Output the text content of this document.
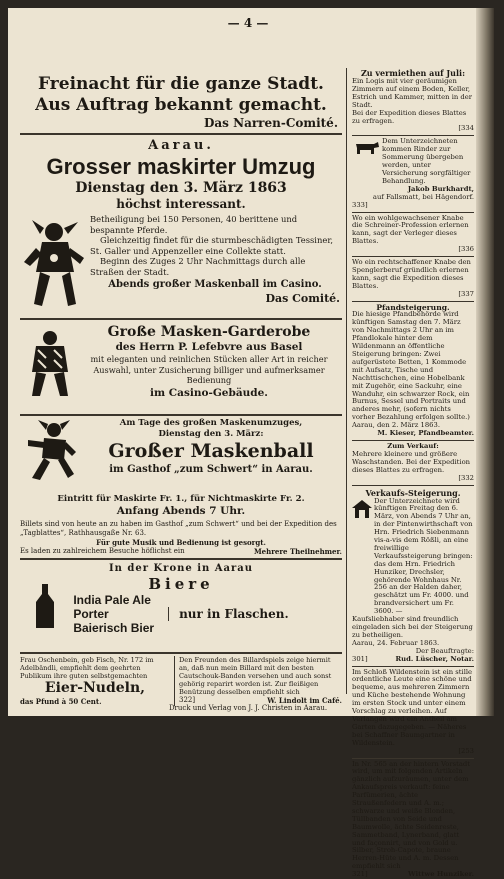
— 4 —
Freinacht für die ganze Stadt.
Aus Auftrag bekannt gemacht.
Das Narren-Comité.
Aarau.
Grosser maskirter Umzug
Dienstag den 3. März 1863
höchst interessant.
Betheiligung bei 150 Personen, 40 berittene und bespannte Pferde.
Gleichzeitig findet für die sturmbeschädigten Tessiner, St. Galler und Appenzeller eine Collekte statt.
Beginn des Zuges 2 Uhr Nachmittags durch alle Straßen der Stadt.
Abends großer Maskenball im Casino.
Das Comité.
Große Masken-Garderobe
des Herrn P. Lefebvre aus Basel
mit eleganten und reinlichen Stücken aller Art in reicher Auswahl, unter Zusicherung billiger und aufmerksamer Bedienung
im Casino-Gebäude.
Am Tage des großen Maskenumzuges,
Dienstag den 3. März:
Großer Maskenball
im Gasthof „zum Schwert“ in Aarau.
Eintritt für Maskirte Fr. 1., für Nichtmaskirte Fr. 2.
Anfang Abends 7 Uhr.
Billets sind von heute an zu haben im Gasthof „zum Schwert“ und bei der Expedition des „Tagblattes“, Rathhausgaße Nr. 63.
Für gute Musik und Bedienung ist gesorgt.
Es laden zu zahlreichem Besuche höflichst ein	Mehrere Theilnehmer.
In der Krone in Aarau
Biere
India Pale Ale
Porter
Baierisch Bier
nur in Flaschen.
Frau Oschenbein, geb Fisch, Nr. 172 im Adelbändli, empfiehlt dem geehrten Publikum ihre guten selbstgemachten
Eier-Nudeln,
das Pfund à 50 Cent.
Den Freunden des Billardspiels zeige hiermit an, daß nun mein Billard mit den besten Cautschouk-Banden versehen und auch sonst gehörig reparirt worden ist. Zur fleißigen Benützung desselben empfiehlt sich
322]	W. Lindolt im Café.
Zu vermiethen auf Juli:
Ein Logis mit vier geräumigen Zimmern auf einem Boden, Keller, Estrich und Kammer, mitten in der Stadt.
Bei der Expedition dieses Blattes zu erfragen.
[334
Dem Unterzeichneten kommen Rinder zur Sommerung übergeben werden, unter Versicherung sorgfältiger Behandlung.
Jakob Burkhardt,
auf Fallsmatt, bei Hägendorf.
333]
Wo ein wohlgewachsener Knabe die Schreiner-Profession erlernen kann, sagt der Verleger dieses Blattes.
[336
Wo ein rechtschaffener Knabe den Spenglerberuf gründlich erlernen kann, sagt die Expedition dieses Blattes.
[337
Pfandsteigerung.
Die hiesige Pfandbehörde wird künftigen Samstag den 7. März von Nachmittags 2 Uhr an im Pfandlokale hinter dem Wildenmann an öffentliche Steigerung bringen: Zwei aufgerüstete Betten, 1 Kommode mit Aufsatz, Tische und Nachttischchen, eine Hobelbank mit Zugehör, eine Sackuhr, eine Wanduhr, ein schwarzer Rock, ein Burnus, Sessel und Portraits und anderes mehr, (sofern nichts vorher Bezahlung erfolgen sollte.)
Aarau, den 2. März 1863.
M. Kieser, Pfandbeamter.
Zum Verkauf:
Mehrere kleinere und größere Waschstanden. Bei der Expedition dieses Blattes zu erfragen.
[332
Verkaufs-Steigerung.
Der Unterzeichnete wird künftigen Freitag den 6. März, von Abends 7 Uhr an, in der Pintenwirthschaft von Hrn. Friedrich Siebenmann vis-a-vis dem Rößli, an eine freiwillige Verkaufssteigerung bringen: das dem Hrn. Friedrich Hunziker, Drechsler, gehörende Wohnhaus Nr. 256 an der Halden daher, geschätzt um Fr. 4000. und brandversichert um Fr. 3600. —
Kaufsliebhaber sind freundlich eingeladen sich bei der Steigerung zu betheiligen.
Aarau, 24. Februar 1863.
Der Beauftragte:
301]	Rud. Lüscher, Notar.
Im Schloß Wildenstein ist ein stille ordentliche Leute eine schöne und bequeme, aus mehreren Zimmern und Küche bestehende Wohnung im ersten Stock und unter einem Vorschlag zu verleihen. Auf Verlangen wird ein Antheil am Garten dazugegeben. — Näheres bei Schaffner Baumgartner in Wildenstein.
[253
In Nr. 565 an der hintern Vorstadt wird, um mit folgenden Artikeln gänzlich aufzuräumen, unter dem Ankaufspreis verkauft: feine Parfümerien, ächte Straußenfedern und A. m.; schwarze und weiße Blonden, Tüllbanden von Seide und Baumwolle, ächte Seidenreste, Sammetband, Lynerband, glatt und façonnirt, und von Gold u. Silber, Stroh-Capote, braune Herren-Hüte und A. m. Dessen empfiehlt sich
321]	Wittwe Hunziker.
Druck und Verlag von J. J. Christen in Aarau.
